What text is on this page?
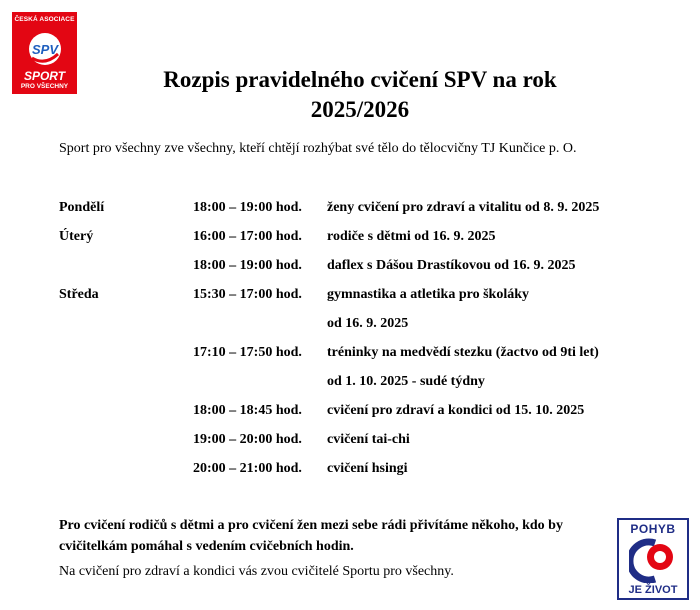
ČESKÁ ASOCIACE
SPV
SPORT
PRO VŠECHNY	Rozpis pravidelného cvičení SPV na rok
2025/2026
Sport pro všechny zve všechny, kteří chtějí rozhýbat své tělo do tělocvičny TJ Kunčice p. O.
Pondělí	18:00 – 19:00 hod. ženy cvičení pro zdraví a vitalitu od 8. 9. 2025
Úterý	16:00 – 17:00 hod. rodiče s dětmi od 16. 9. 2025
18:00 – 19:00 hod. daflex s Dášou Drastíkovou od 16. 9. 2025
Středa	15:30 – 17:00 hod. gymnastika a atletika pro školáky
od 16. 9. 2025
17:10 – 17:50 hod. tréninky na medvědí stezku (žactvo od 9ti let)
od 1. 10. 2025 - sudé týdny
18:00 – 18:45 hod. cvičení pro zdraví a kondici od 15. 10. 2025
19:00 – 20:00 hod. cvičení tai-chi
20:00 – 21:00 hod. cvičení hsingi
Pro cvičení rodičů s dětmi a pro cvičení žen mezi sebe rádi přivítáme někoho, kdo by cvičitelkám pomáhal s vedením cvičebních hodin.
Na cvičení pro zdraví a kondici vás zvou cvičitelé Sportu pro všechny.
POHYB
JE ŽIVOT
